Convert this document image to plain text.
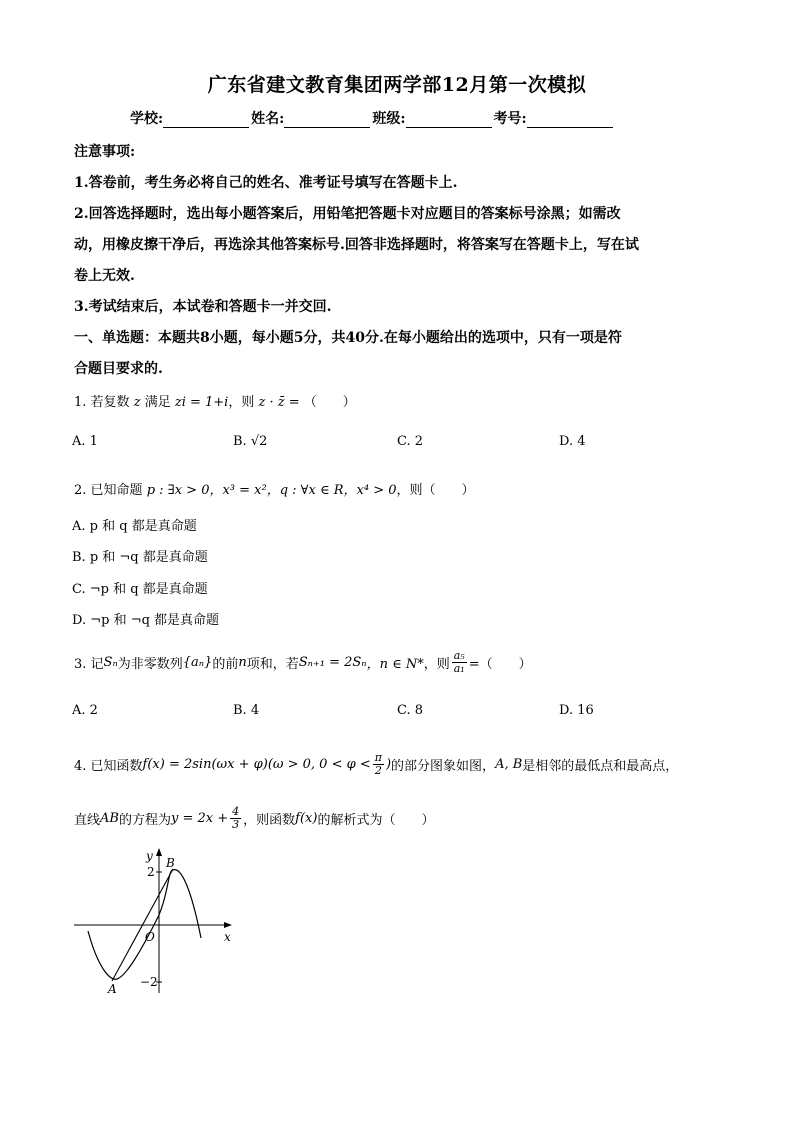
广东省建文教育集团两学部12月第一次模拟
学校:	姓名:	班级:	考号:
注意事项:
1.答卷前，考生务必将自己的姓名、准考证号填写在答题卡上.
2.回答选择题时，选出每小题答案后，用铅笔把答题卡对应题目的答案标号涂黑；如需改
动，用橡皮擦干净后，再选涂其他答案标号.回答非选择题时，将答案写在答题卡上，写在试
卷上无效.
3.考试结束后，本试卷和答题卡一并交回.
一、单选题：本题共8小题，每小题5分，共40分.在每小题给出的选项中，只有一项是符
合题目要求的.
1. 若复数 z 满足 zi = 1+i，则 z · z̄ = （　　）
A. 1	B. √2	C. 2	D. 4
2. 已知命题 p : ∃x > 0，x³ = x²，q : ∀x ∈ R，x⁴ > 0，则（　　）
A. p 和 q 都是真命题
B. p 和 ¬q 都是真命题
C. ¬p 和 q 都是真命题
D. ¬p 和 ¬q 都是真命题
3. 记 Sₙ 为非零数列 {aₙ} 的前 n 项和，若 Sₙ₊₁ = 2Sₙ ，n ∈ N* ，则 $\frac{\text{a₅}}{\text{a₁}}$ =（　　）
A. 2	B. 4	C. 8	D. 16
4. 已知函数 f(x) = 2sin(ωx + φ) (ω > 0, $0 < \varphi < \frac{\pi}{2}$ ) 的部分图象如图， A, B 是相邻的最低点和最高点，
直线 AB 的方程为 $y = 2x + \frac{4}{3}$ ，则函数 f(x) 的解析式为（　　）
y
x
O
B
A
2
−2
